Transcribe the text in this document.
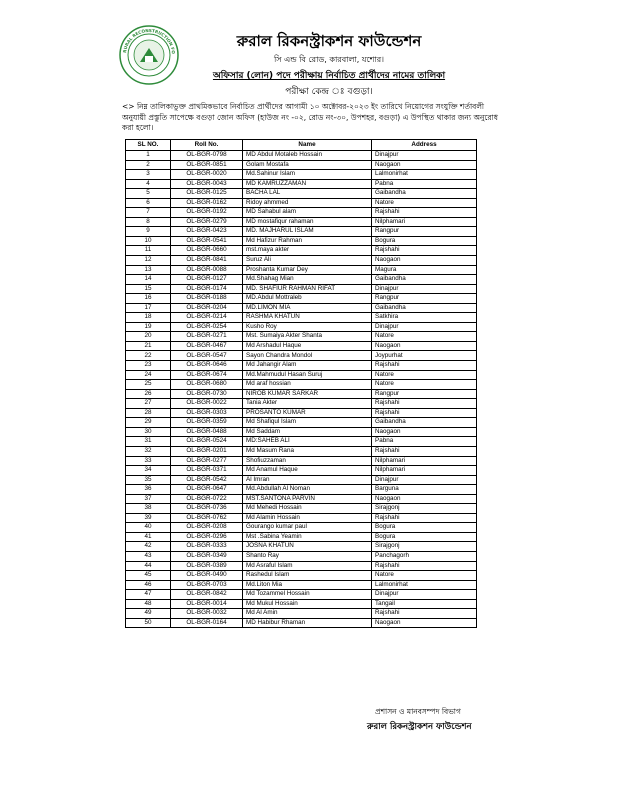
RURAL RECONSTRUCTION FO
রুরাল রিকনস্ট্রাকশন ফাউন্ডেশন
সি এন্ড বি রোড, কারবালা, যশোর।
অফিসার (লোন) পদে পরীক্ষায় নির্বাচিত প্রার্থীদের নামের তালিকা
পরীক্ষা কেন্দ্র ঃ বগুড়া।
<> নিম্ন তালিকাভুক্ত প্রাথমিকভাবে নির্বাচিত প্রার্থীদের আগামী ১০ অক্টোবর-২০২৩ ইং তারিখে নিয়োগের সংযুক্তি শর্তাবলী অনুযায়ী প্রস্তুতি সাপেক্ষে বগুড়া জোন অফিস (হাউজ নং -০২, রোড নং-৩০, উপশহর, বগুড়া) এ উপস্থিত থাকার জন্য অনুরোধ করা হলো।
SL NO.	Roll No.	Name	Address
1	OL-BGR-0798	MD Abdul Motaleb Hossain	Dinajpur
2	OL-BGR-0851	Golam Mostafa	Naogaon
3	OL-BGR-0020	Md.Sahinur Islam	Lalmonirhat
4	OL-BGR-0043	MD KAMRUZZAMAN	Pabna
5	OL-BGR-0125	BACHA LAL	Gaibandha
6	OL-BGR-0162	Ridoy ahmmed	Natore
7	OL-BGR-0192	MD Sahabul alam	Rajshahi
8	OL-BGR-0279	MD mostafiqur rahaman	Nilphamari
9	OL-BGR-0423	MD. MAJHARUL ISLAM	Rangpur
10	OL-BGR-0541	Md Hafizur Rahman	Bogura
11	OL-BGR-0660	mst.maya akter	Rajshahi
12	OL-BGR-0841	Suruz Ali	Naogaon
13	OL-BGR-0088	Proshanta Kumar Dey	Magura
14	OL-BGR-0127	Md.Shahag Mian	Gaibandha
15	OL-BGR-0174	MD. SHAFIUR RAHMAN RIFAT	Dinajpur
16	OL-BGR-0188	MD.Abdul Mottraleb	Rangpur
17	OL-BGR-0204	MD.LIMON MIA	Gaibandha
18	OL-BGR-0214	RASHMA KHATUN	Satkhira
19	OL-BGR-0254	Kusho Roy	Dinajpur
20	OL-BGR-0271	Mst. Sumaiya Akter Shanta	Natore
21	OL-BGR-0467	Md Arshadul Haque	Naogaon
22	OL-BGR-0547	Sayon Chandra Mondol	Joypurhat
23	OL-BGR-0646	Md Jahangir Alam	Rajshahi
24	OL-BGR-0674	Md.Mahmudul Hasan Suruj	Natore
25	OL-BGR-0680	Md araf hossian	Natore
26	OL-BGR-0730	NIROB KUMAR SARKAR	Rangpur
27	OL-BGR-0022	Tania Akter	Rajshahi
28	OL-BGR-0303	PROSANTO KUMAR	Rajshahi
29	OL-BGR-0359	Md Shafiqul Islam	Gaibandha
30	OL-BGR-0488	Md Saddam	Naogaon
31	OL-BGR-0524	MD:SAHEB ALI	Pabna
32	OL-BGR-0201	Md Masum Rana	Rajshahi
33	OL-BGR-0277	Shofiuzzaman	Nilphamari
34	OL-BGR-0371	Md Anamul Haque	Nilphamari
35	OL-BGR-0542	Al Imran	Dinajpur
36	OL-BGR-0647	Md.Abdullah Al Noman	Barguna
37	OL-BGR-0722	MST.SANTONA PARVIN	Naogaon
38	OL-BGR-0736	Md Mehedi Hossain	Sirajgonj
39	OL-BGR-0762	Md Alamin Hossain	Rajshahi
40	OL-BGR-0208	Gourango kumar paul	Bogura
41	OL-BGR-0296	Mst .Sabina Yeamin	Bogura
42	OL-BGR-0333	JOSNA KHATUN	Sirajgonj
43	OL-BGR-0349	Shanto Ray	Panchagorh
44	OL-BGR-0389	Md Asraful Islam	Rajshahi
45	OL-BGR-0490	Rashedul Islam	Natore
46	OL-BGR-0703	Md.Liton Mia	Lalmonirhat
47	OL-BGR-0842	Md Tozammel Hossain	Dinajpur
48	OL-BGR-0014	Md Mukul Hossain	Tangail
49	OL-BGR-0032	Md Al Amin	Rajshahi
50	OL-BGR-0164	MD Habibur Rhaman	Naogaon
প্রশাসন ও মানবসম্পদ বিভাগ
রুরাল রিকনস্ট্রাকশন ফাউন্ডেশন
